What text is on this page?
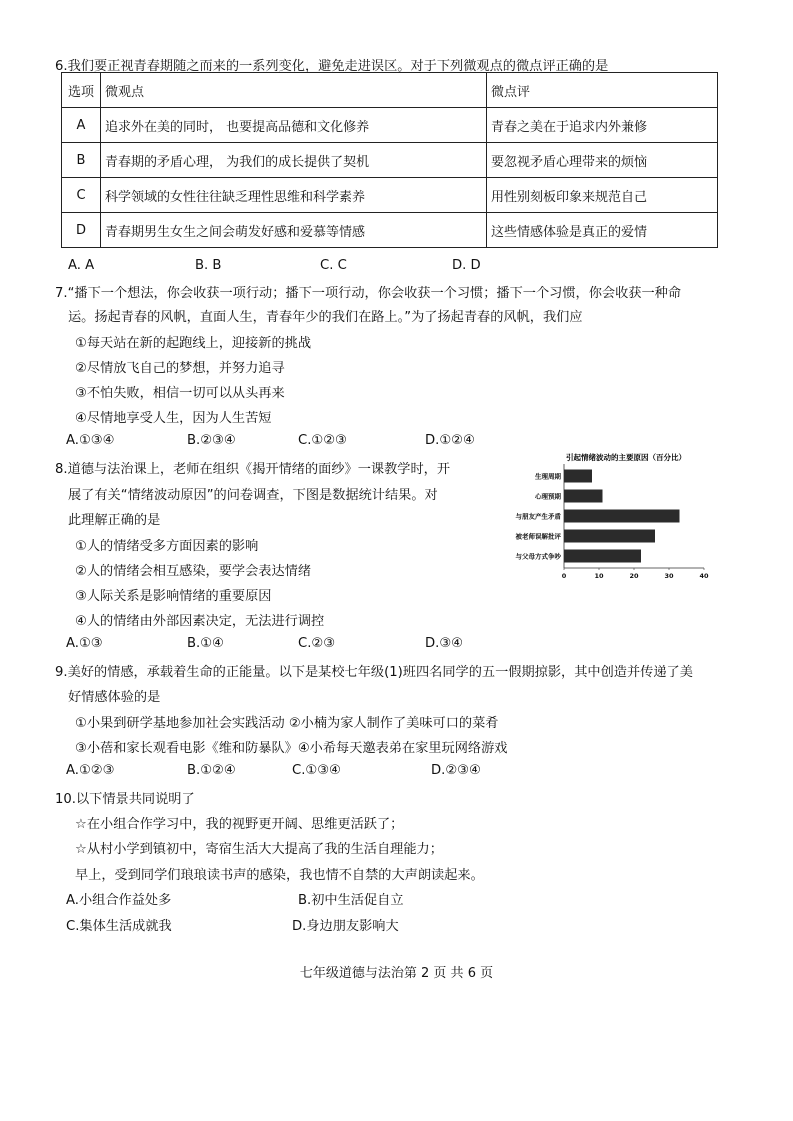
6.我们要正视青春期随之而来的一系列变化，避免走进误区。对于下列微观点的微点评正确的是
选项	微观点	微点评
A	追求外在美的同时， 也要提高品德和文化修养	青春之美在于追求内外兼修
B	青春期的矛盾心理， 为我们的成长提供了契机	要忽视矛盾心理带来的烦恼
C	科学领域的女性往往缺乏理性思维和科学素养	用性别刻板印象来规范自己
D	青春期男生女生之间会萌发好感和爱慕等情感	这些情感体验是真正的爱情
A. A	B. B	C. C	D. D
7.“播下一个想法，你会收获一项行动；播下一项行动，你会收获一个习惯；播下一个习惯，你会收获一种命
运。扬起青春的风帆，直面人生，青春年少的我们在路上。”为了扬起青春的风帆，我们应
①每天站在新的起跑线上，迎接新的挑战
②尽情放飞自己的梦想，并努力追寻
③不怕失败，相信一切可以从头再来
④尽情地享受人生，因为人生苦短
A.①③④	B.②③④	C.①②③	D.①②④
8.道德与法治课上，老师在组织《揭开情绪的面纱》一课教学时，开
展了有关“情绪波动原因”的问卷调查，下图是数据统计结果。对
此理解正确的是
①人的情绪受多方面因素的影响
②人的情绪会相互感染，要学会表达情绪
③人际关系是影响情绪的重要原因
④人的情绪由外部因素决定，无法进行调控
A.①③	B.①④	C.②③	D.③④
引起情绪波动的主要原因（百分比）
生理周期
心理预期
与朋友产生矛盾
被老师误解批评
与父母方式争吵
0	10	20	30	40
9.美好的情感，承载着生命的正能量。以下是某校七年级(1)班四名同学的五一假期掠影，其中创造并传递了美
好情感体验的是
①小果到研学基地参加社会实践活动 ②小楠为家人制作了美味可口的菜肴
③小蓓和家长观看电影《维和防暴队》④小希每天邀表弟在家里玩网络游戏
A.①②③	B.①②④	C.①③④	D.②③④
10.以下情景共同说明了
☆在小组合作学习中，我的视野更开阔、思维更活跃了；
☆从村小学到镇初中，寄宿生活大大提高了我的生活自理能力；
早上，受到同学们琅琅读书声的感染，我也情不自禁的大声朗读起来。
A.小组合作益处多	B.初中生活促自立
C.集体生活成就我	D.身边朋友影响大
七年级道德与法治第 2 页 共 6 页
